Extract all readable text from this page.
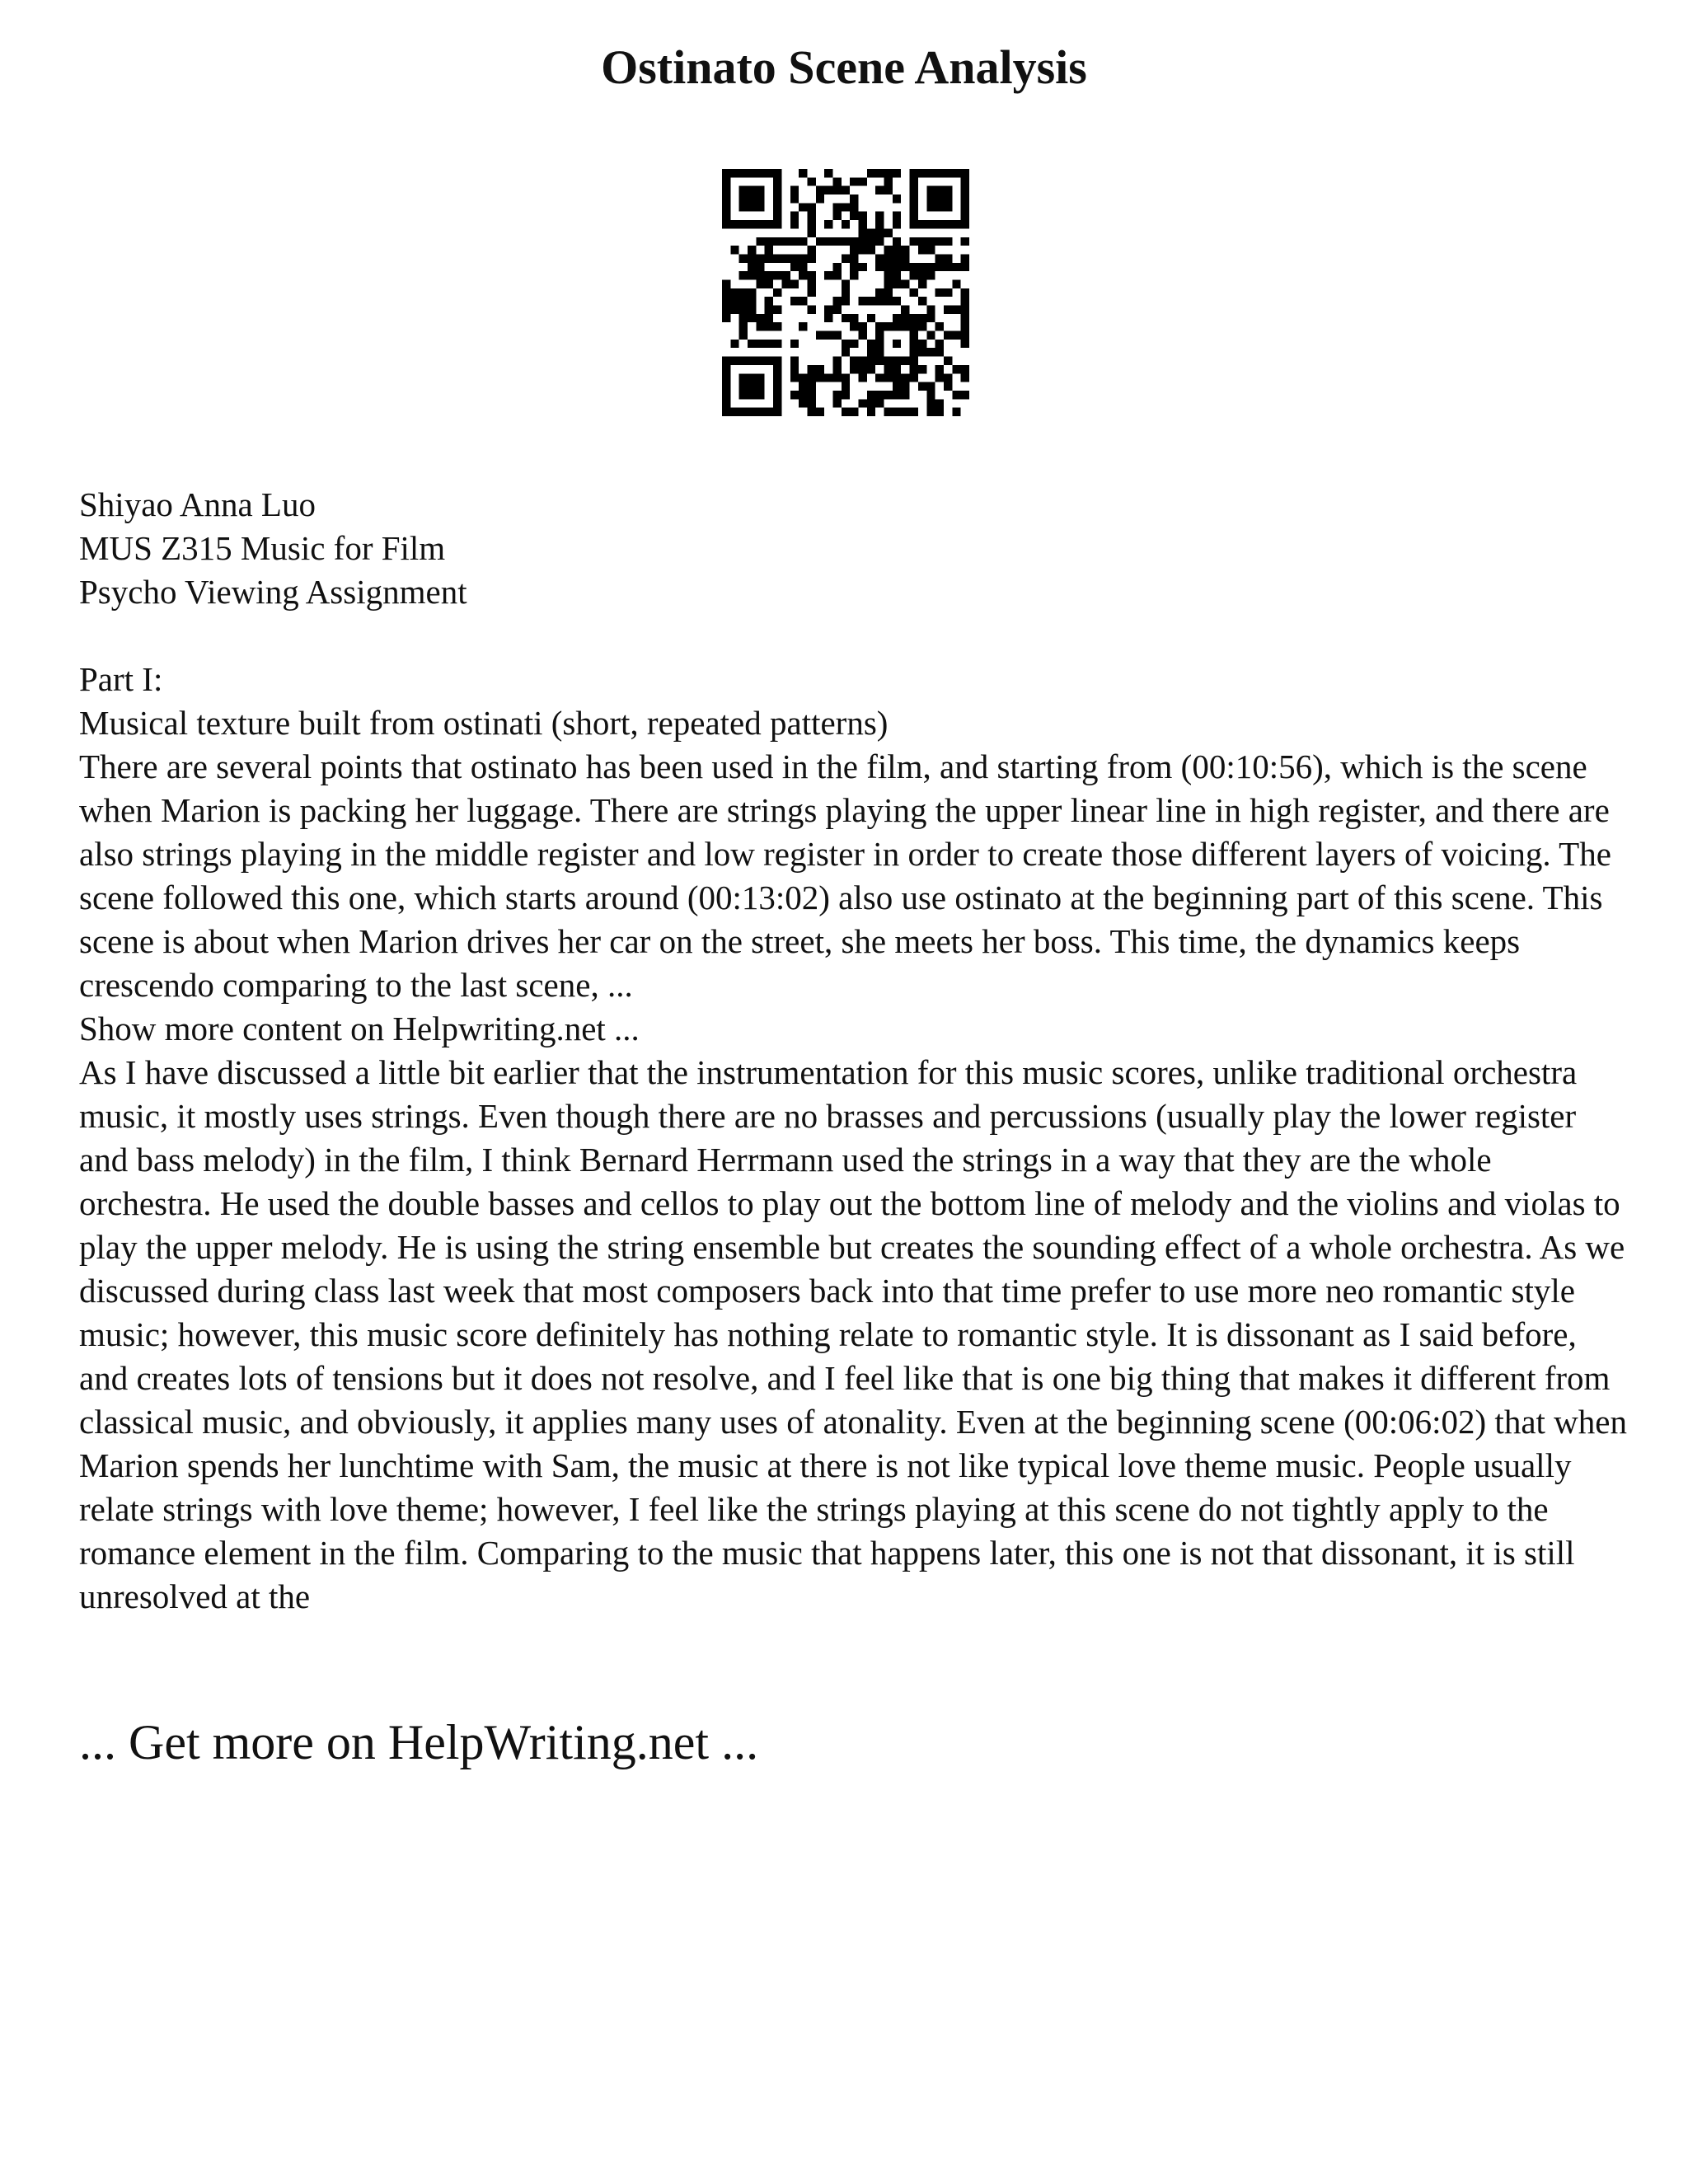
Ostinato Scene Analysis

Shiyao Anna Luo

MUS Z315 Music for Film

Psycho Viewing Assignment

Part I:

Musical texture built from ostinati (short, repeated patterns)

There are several points that ostinato has been used in the film, and starting from (00:10:56), which is the scene when Marion is packing her luggage. There are strings playing the upper linear line in high register, and there are also strings playing in the middle register and low register in order to create those different layers of voicing. The scene followed this one, which starts around (00:13:02) also use ostinato at the beginning part of this scene. This scene is about when Marion drives her car on the street, she meets her boss. This time, the dynamics keeps crescendo comparing to the last scene, ...

Show more content on Helpwriting.net ...

As I have discussed a little bit earlier that the instrumentation for this music scores, unlike traditional orchestra music, it mostly uses strings. Even though there are no brasses and percussions (usually play the lower register and bass melody) in the film, I think Bernard Herrmann used the strings in a way that they are the whole orchestra. He used the double basses and cellos to play out the bottom line of melody and the violins and violas to play the upper melody. He is using the string ensemble but creates the sounding effect of a whole orchestra. As we discussed during class last week that most composers back into that time prefer to use more neo romantic style music; however, this music score definitely has nothing relate to romantic style. It is dissonant as I said before, and creates lots of tensions but it does not resolve, and I feel like that is one big thing that makes it different from classical music, and obviously, it applies many uses of atonality. Even at the beginning scene (00:06:02) that when Marion spends her lunchtime with Sam, the music at there is not like typical love theme music. People usually relate strings with love theme; however, I feel like the strings playing at this scene do not tightly apply to the romance element in the film. Comparing to the music that happens later, this one is not that dissonant, it is still unresolved at the

... Get more on HelpWriting.net ...
